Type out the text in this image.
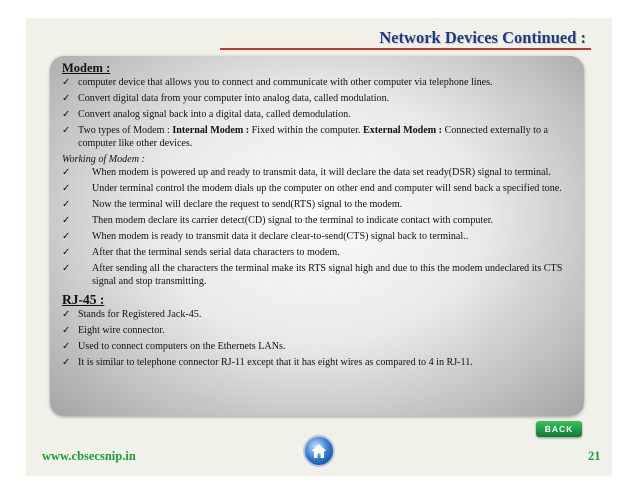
Network Devices Continued :
Modem :
✓ computer device that allows you to connect and communicate with other computer via telephone lines.
✓ Convert digital data from your computer into analog data, called modulation.
✓ Convert analog signal back into a digital data, called demodulation.
✓ Two types of Modem : Internal Modem : Fixed within the computer. External Modem : Connected externally to a computer like other devices.
Working of Modem :
✓ When modem is powered up and ready to transmit data, it will declare the data set ready(DSR) signal to terminal.
✓ Under terminal control the modem dials up the computer on other end and computer will send back a specified tone.
✓ Now the terminal will declare the request to send(RTS) signal to the modem.
✓ Then modem declare its carrier detect(CD) signal to the terminal to indicate contact with computer.
✓ When modem is ready to transmit data it declare clear-to-send(CTS) signal back to terminal..
✓ After that the terminal sends serial data characters to modem.
✓ After sending all the characters the terminal make its RTS signal high and due to this the modem undeclared its CTS signal and stop transmitting.
RJ-45 :
✓ Stands for Registered Jack-45.
✓ Eight wire connector.
✓ Used to connect computers on the Ethernets LANs.
✓ It is similar to telephone connector RJ-11 except that it has eight wires as compared to 4 in RJ-11.
BACK
www.cbsecsnip.in	21
